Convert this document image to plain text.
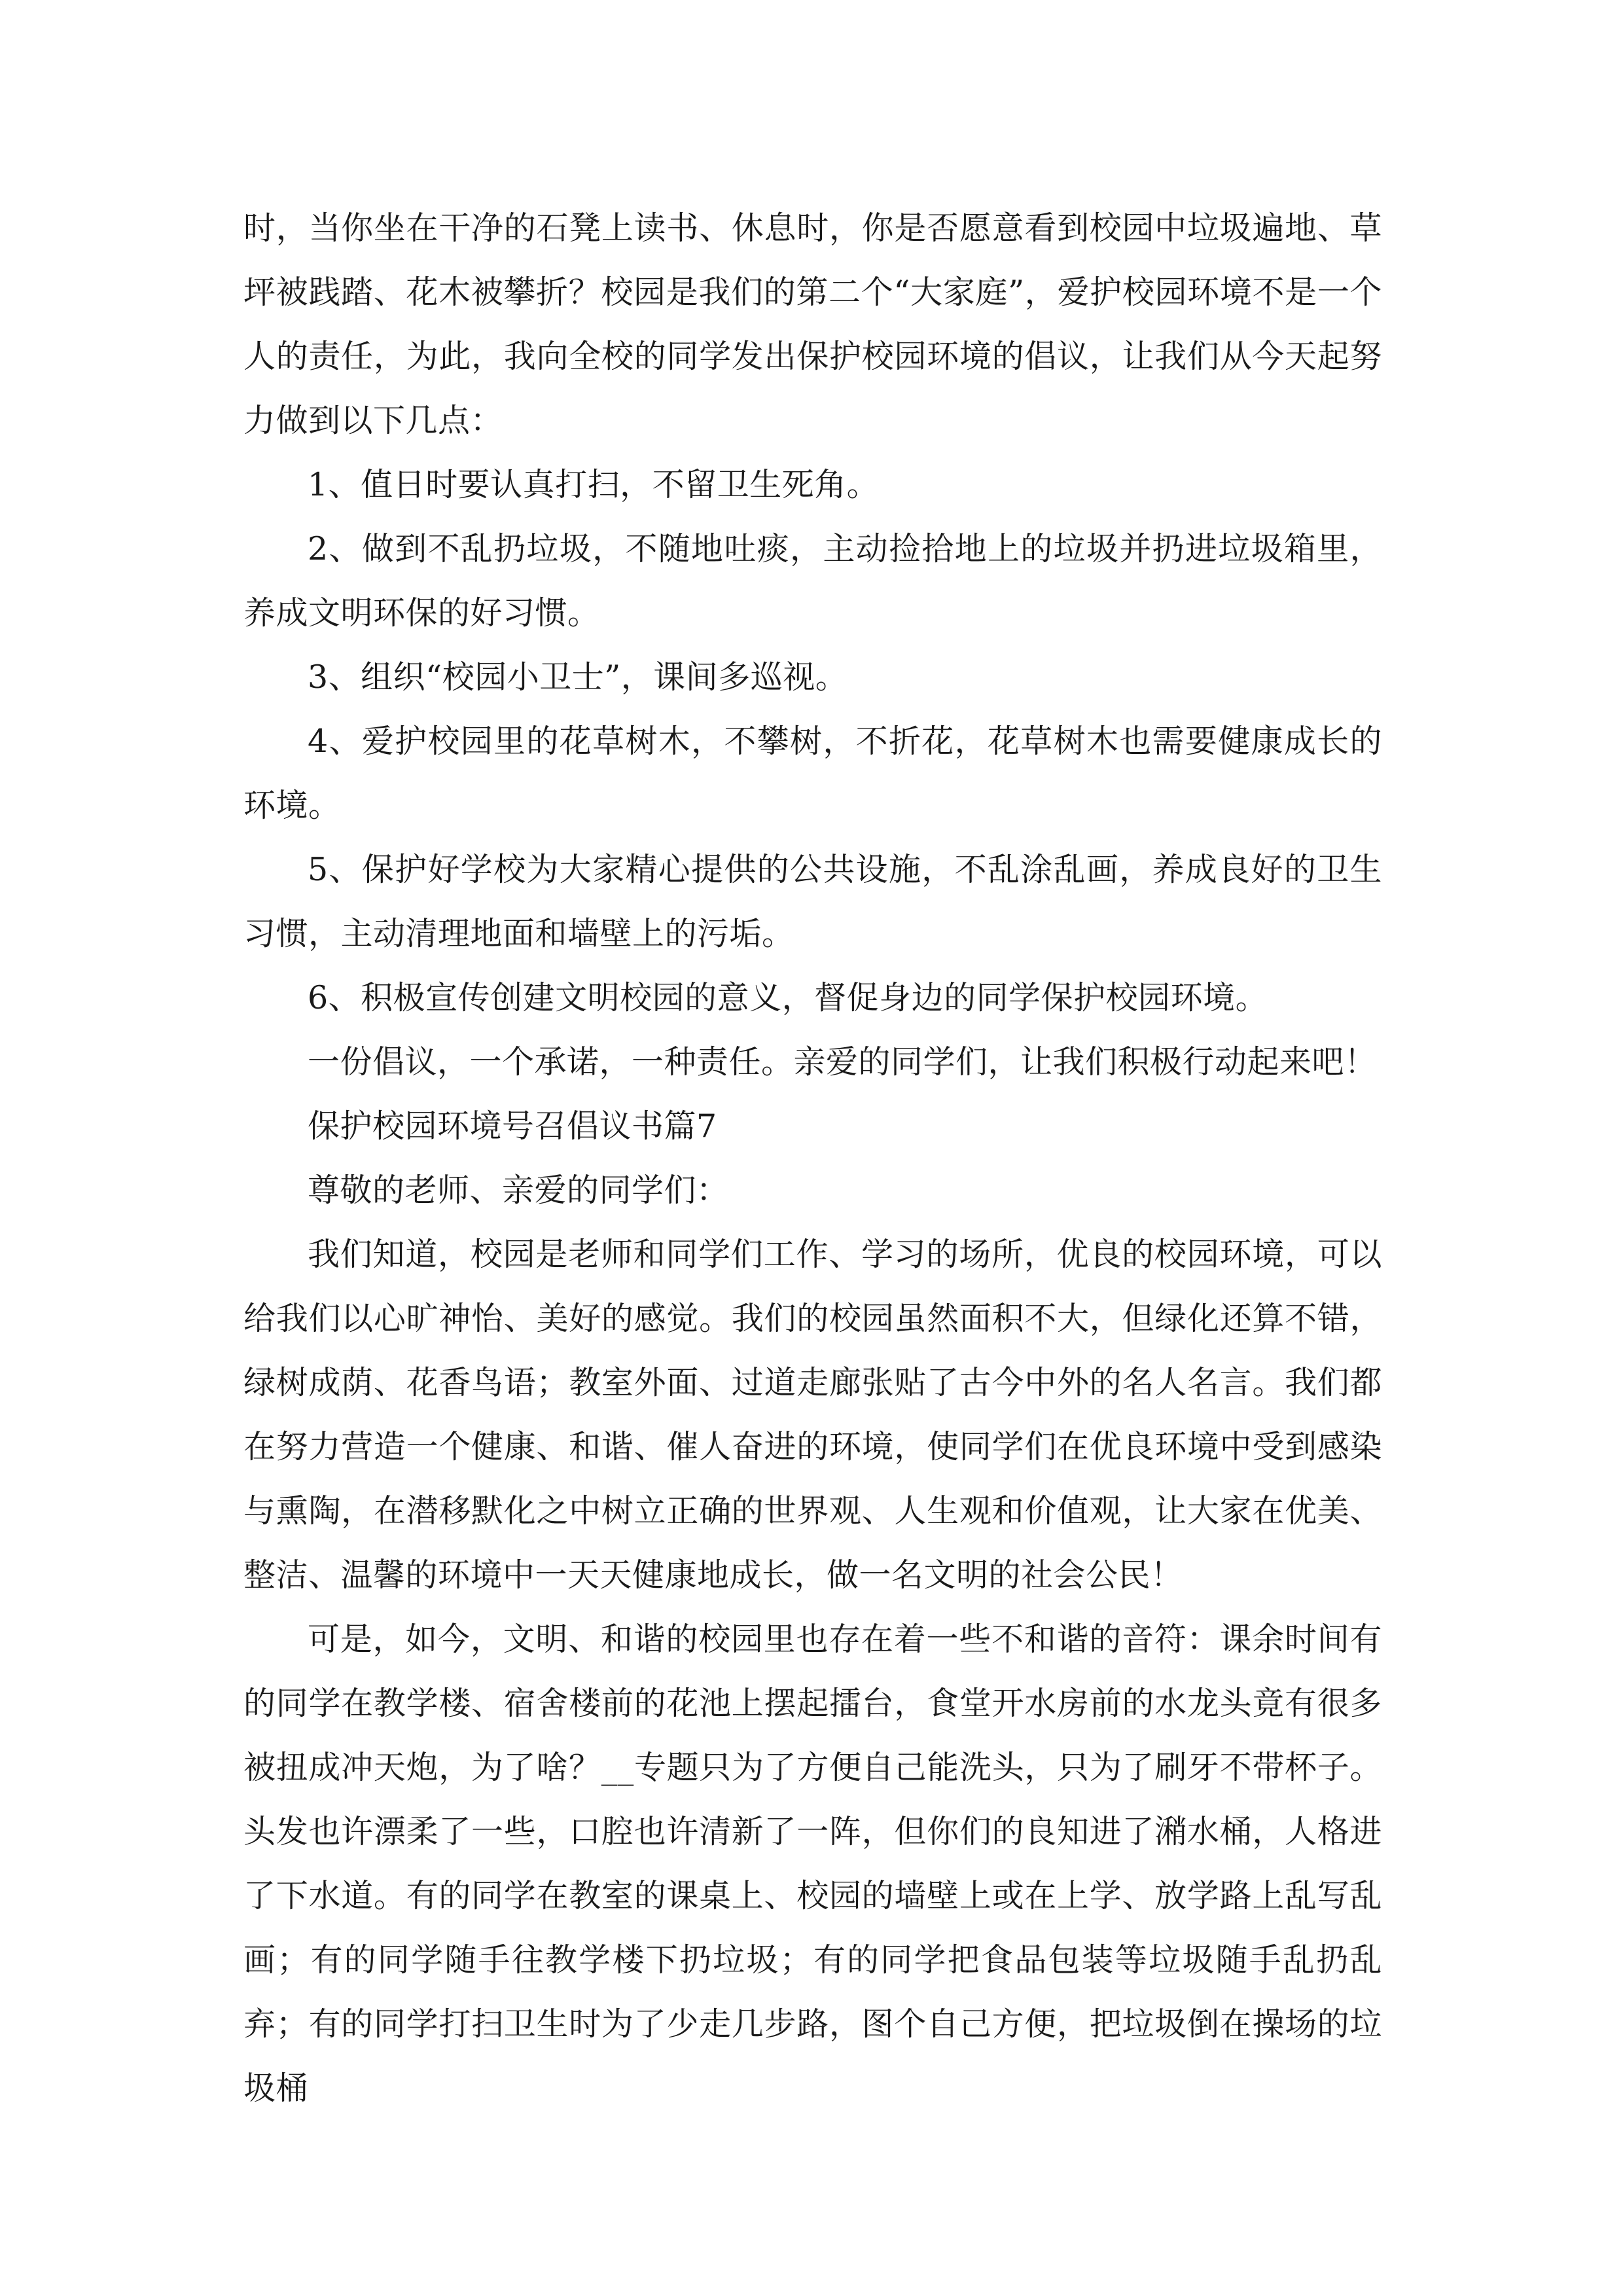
时，当你坐在干净的石凳上读书、休息时，你是否愿意看到校园中垃圾遍地、草坪被践踏、花木被攀折？校园是我们的第二个“大家庭”，爱护校园环境不是一个人的责任，为此，我向全校的同学发出保护校园环境的倡议，让我们从今天起努力做到以下几点：

1、值日时要认真打扫，不留卫生死角。

2、做到不乱扔垃圾，不随地吐痰，主动捡拾地上的垃圾并扔进垃圾箱里，养成文明环保的好习惯。

3、组织“校园小卫士”，课间多巡视。

4、爱护校园里的花草树木，不攀树，不折花，花草树木也需要健康成长的环境。

5、保护好学校为大家精心提供的公共设施，不乱涂乱画，养成良好的卫生习惯，主动清理地面和墙壁上的污垢。

6、积极宣传创建文明校园的意义，督促身边的同学保护校园环境。

一份倡议，一个承诺，一种责任。亲爱的同学们，让我们积极行动起来吧！

保护校园环境号召倡议书篇7

尊敬的老师、亲爱的同学们：

我们知道，校园是老师和同学们工作、学习的场所，优良的校园环境，可以给我们以心旷神怡、美好的感觉。我们的校园虽然面积不大，但绿化还算不错，绿树成荫、花香鸟语；教室外面、过道走廊张贴了古今中外的名人名言。我们都在努力营造一个健康、和谐、催人奋进的环境，使同学们在优良环境中受到感染与熏陶，在潜移默化之中树立正确的世界观、人生观和价值观，让大家在优美、整洁、温馨的环境中一天天健康地成长，做一名文明的社会公民！

可是，如今，文明、和谐的校园里也存在着一些不和谐的音符：课余时间有的同学在教学楼、宿舍楼前的花池上摆起擂台，食堂开水房前的水龙头竟有很多被扭成冲天炮，为了啥？__专题只为了方便自己能洗头，只为了刷牙不带杯子。头发也许漂柔了一些，口腔也许清新了一阵，但你们的良知进了潲水桶，人格进了下水道。有的同学在教室的课桌上、校园的墙壁上或在上学、放学路上乱写乱画；有的同学随手往教学楼下扔垃圾；有的同学把食品包装等垃圾随手乱扔乱弃；有的同学打扫卫生时为了少走几步路，图个自己方便，把垃圾倒在操场的垃圾桶
